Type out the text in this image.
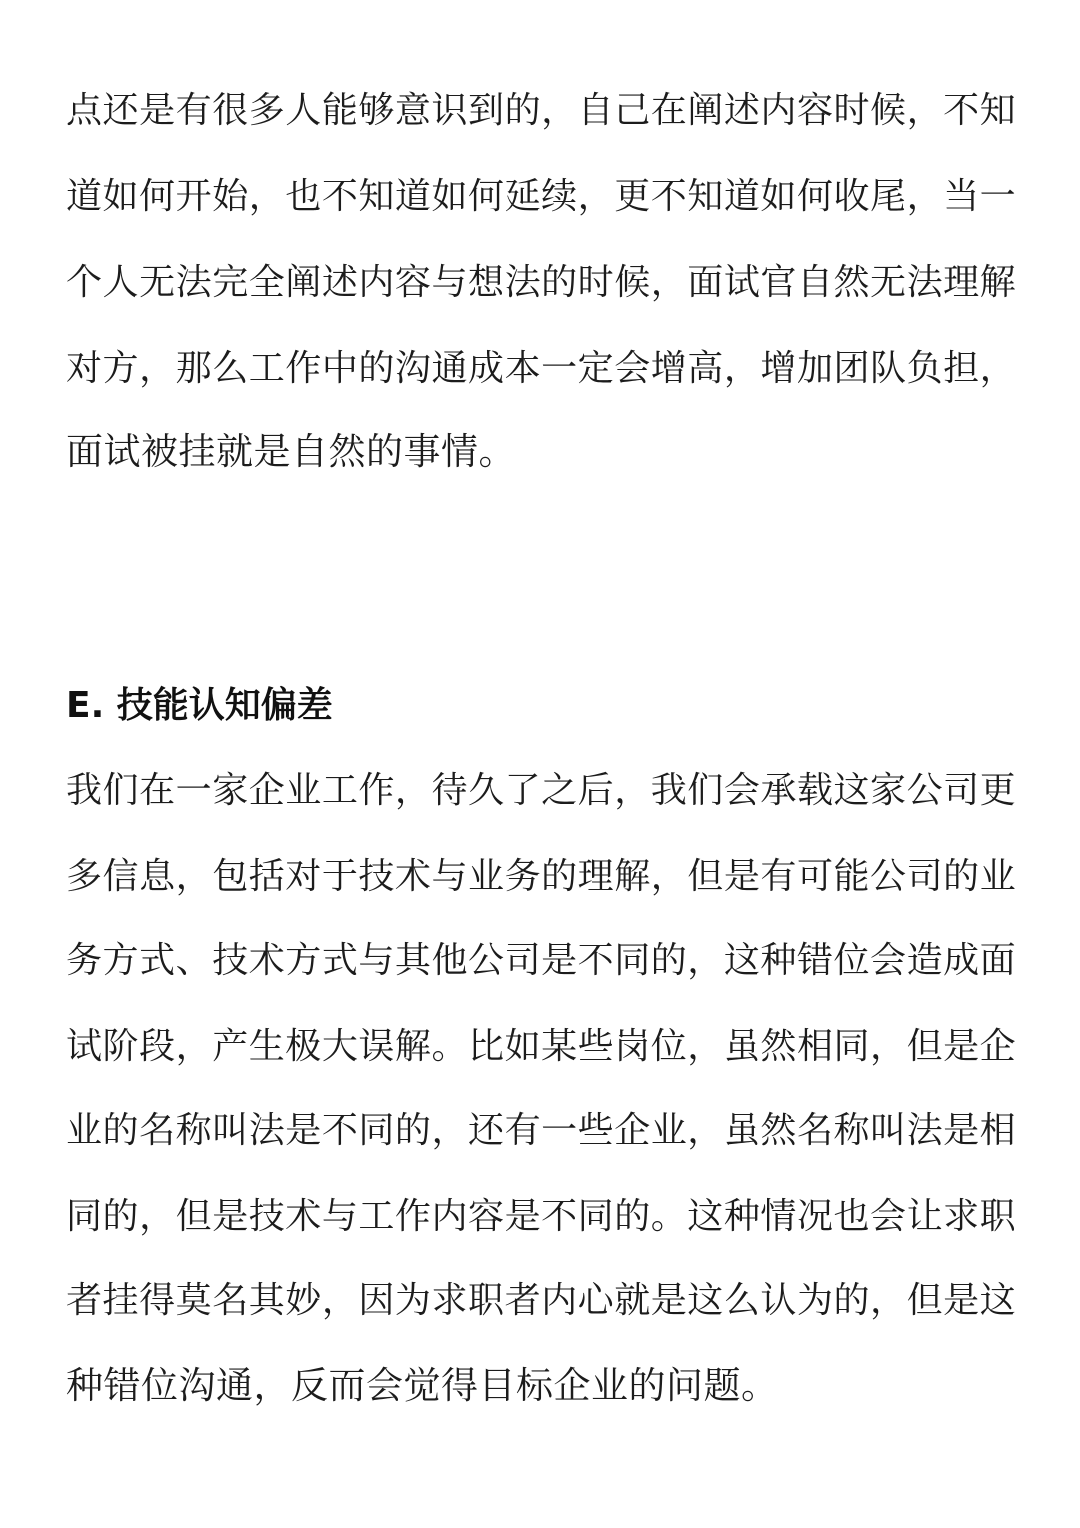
点还是有很多人能够意识到的，自己在阐述内容时候，不知
道如何开始，也不知道如何延续，更不知道如何收尾，当一
个人无法完全阐述内容与想法的时候，面试官自然无法理解
对方，那么工作中的沟通成本一定会增高，增加团队负担，
面试被挂就是自然的事情。
E. 技能认知偏差
我们在一家企业工作，待久了之后，我们会承载这家公司更
多信息，包括对于技术与业务的理解，但是有可能公司的业
务方式、技术方式与其他公司是不同的，这种错位会造成面
试阶段，产生极大误解。比如某些岗位，虽然相同，但是企
业的名称叫法是不同的，还有一些企业，虽然名称叫法是相
同的，但是技术与工作内容是不同的。这种情况也会让求职
者挂得莫名其妙，因为求职者内心就是这么认为的，但是这
种错位沟通，反而会觉得目标企业的问题。
